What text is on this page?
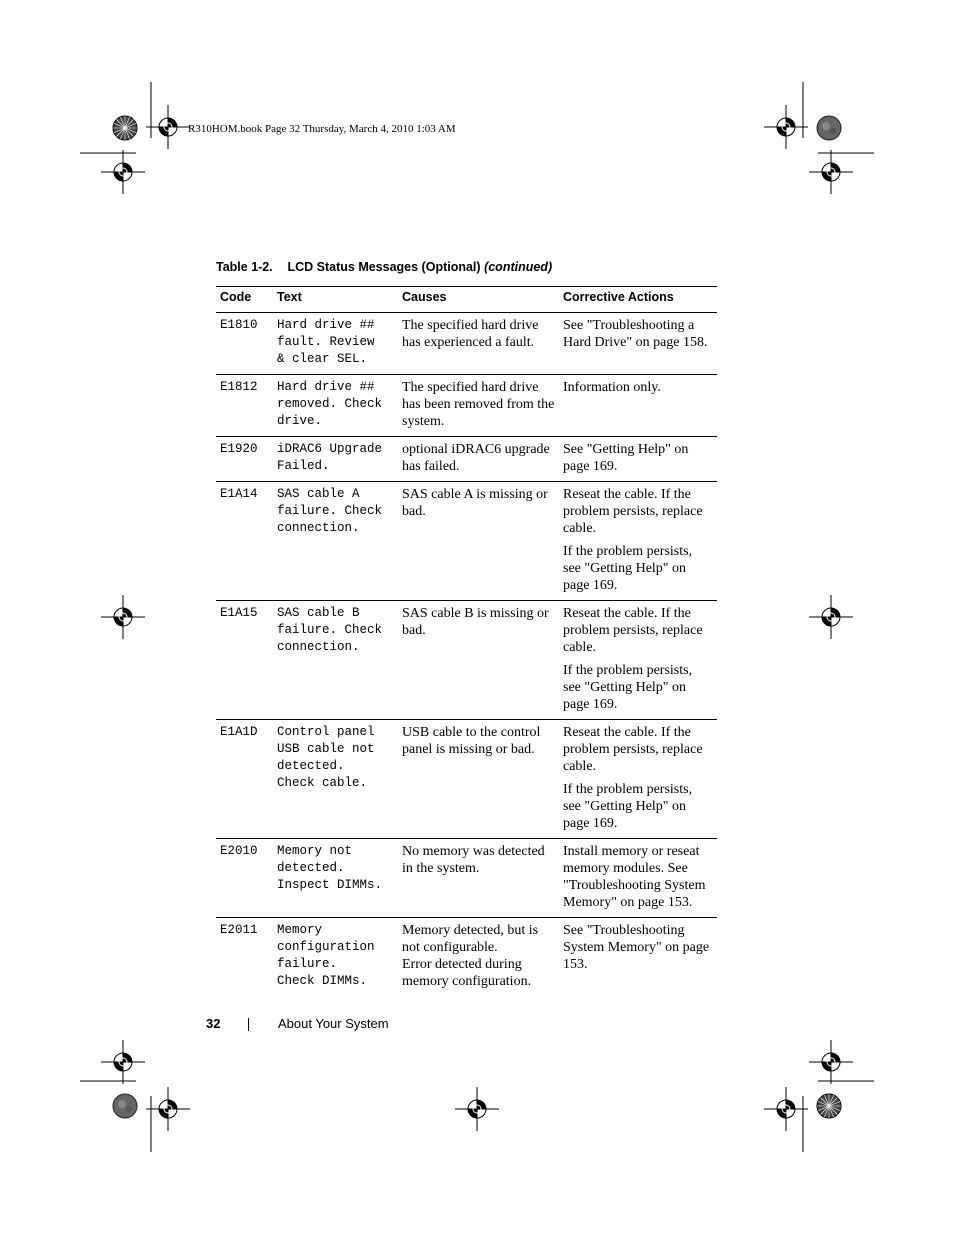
R310HOM.book Page 32 Thursday, March 4, 2010 1:03 AM
Table 1-2. LCD Status Messages (Optional) (continued)
Code	Text	Causes	Corrective Actions
E1810	Hard drive ##
fault. Review
& clear SEL.	The specified hard drive has experienced a fault.	See "Troubleshooting a Hard Drive" on page 158.

E1812	Hard drive ##
removed. Check
drive.	The specified hard drive has been removed from the system.	Information only.

E1920	iDRAC6 Upgrade
Failed.	optional iDRAC6 upgrade has failed.	See "Getting Help" on page 169.

E1A14	SAS cable A
failure. Check
connection.	SAS cable A is missing or bad.	Reseat the cable. If the problem persists, replace cable.
If the problem persists, see "Getting Help" on page 169.

E1A15	SAS cable B
failure. Check
connection.	SAS cable B is missing or bad.	Reseat the cable. If the problem persists, replace cable.
If the problem persists, see "Getting Help" on page 169.

E1A1D	Control panel
USB cable not
detected.
Check cable.	USB cable to the control panel is missing or bad.	Reseat the cable. If the problem persists, replace cable.
If the problem persists, see "Getting Help" on page 169.

E2010	Memory not
detected.
Inspect DIMMs.	No memory was detected in the system.	Install memory or reseat memory modules. See "Troubleshooting System Memory" on page 153.

E2011	Memory
configuration
failure.
Check DIMMs.	Memory detected, but is not configurable.
Error detected during memory configuration.	See "Troubleshooting System Memory" on page 153.
32	About Your System
